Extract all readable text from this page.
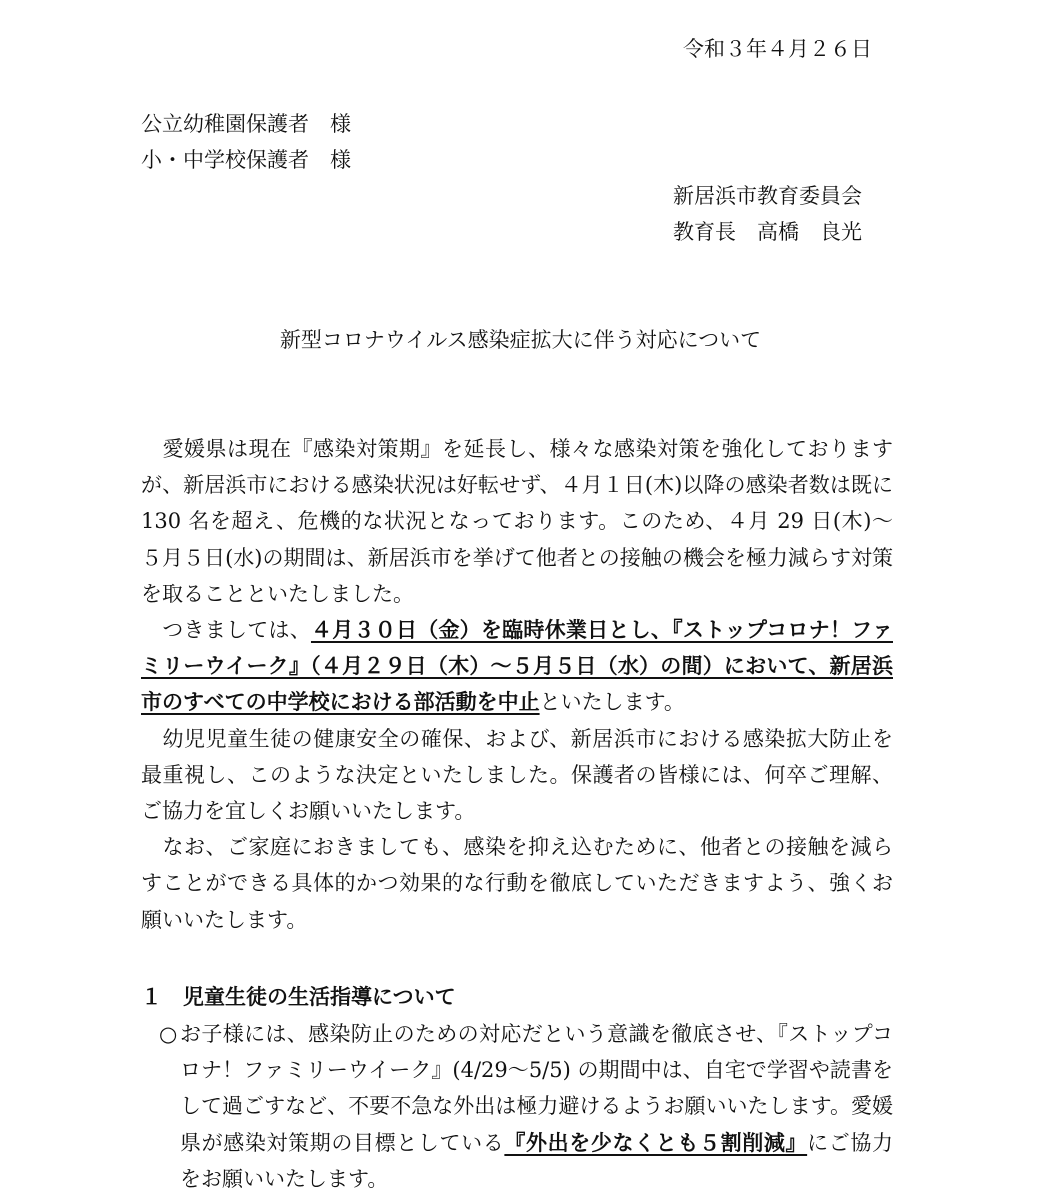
令和３年４月２６日
公立幼稚園保護者　様
小・中学校保護者　様
新居浜市教育委員会
教育長　高橋　良光
新型コロナウイルス感染症拡大に伴う対応について

　愛媛県は現在『感染対策期』を延長し、様々な感染対策を強化しておりますが、新居浜市における感染状況は好転せず、４月１日(木)以降の感染者数は既に 130 名を超え、危機的な状況となっております。このため、４月 29 日(木)～５月５日(水)の期間は、新居浜市を挙げて他者との接触の機会を極力減らす対策を取ることといたしました。

　つきましては、４月３０日（金）を臨時休業日とし、『ストップコロナ！ファミリーウイーク』（４月２９日（木）～５月５日（水）の間）において、新居浜市のすべての中学校における部活動を中止といたします。

　幼児児童生徒の健康安全の確保、および、新居浜市における感染拡大防止を最重視し、このような決定といたしました。保護者の皆様には、何卒ご理解、ご協力を宜しくお願いいたします。

　なお、ご家庭におきましても、感染を抑え込むために、他者との接触を減らすことができる具体的かつ効果的な行動を徹底していただきますよう、強くお願いいたします。

１　児童生徒の生活指導について
○ お子様には、感染防止のための対応だという意識を徹底させ、『ストップコロナ！ファミリーウイーク』(4/29～5/5) の期間中は、自宅で学習や読書をして過ごすなど、不要不急な外出は極力避けるようお願いいたします。愛媛県が感染対策期の目標としている『外出を少なくとも５割削減』にご協力をお願いいたします。
